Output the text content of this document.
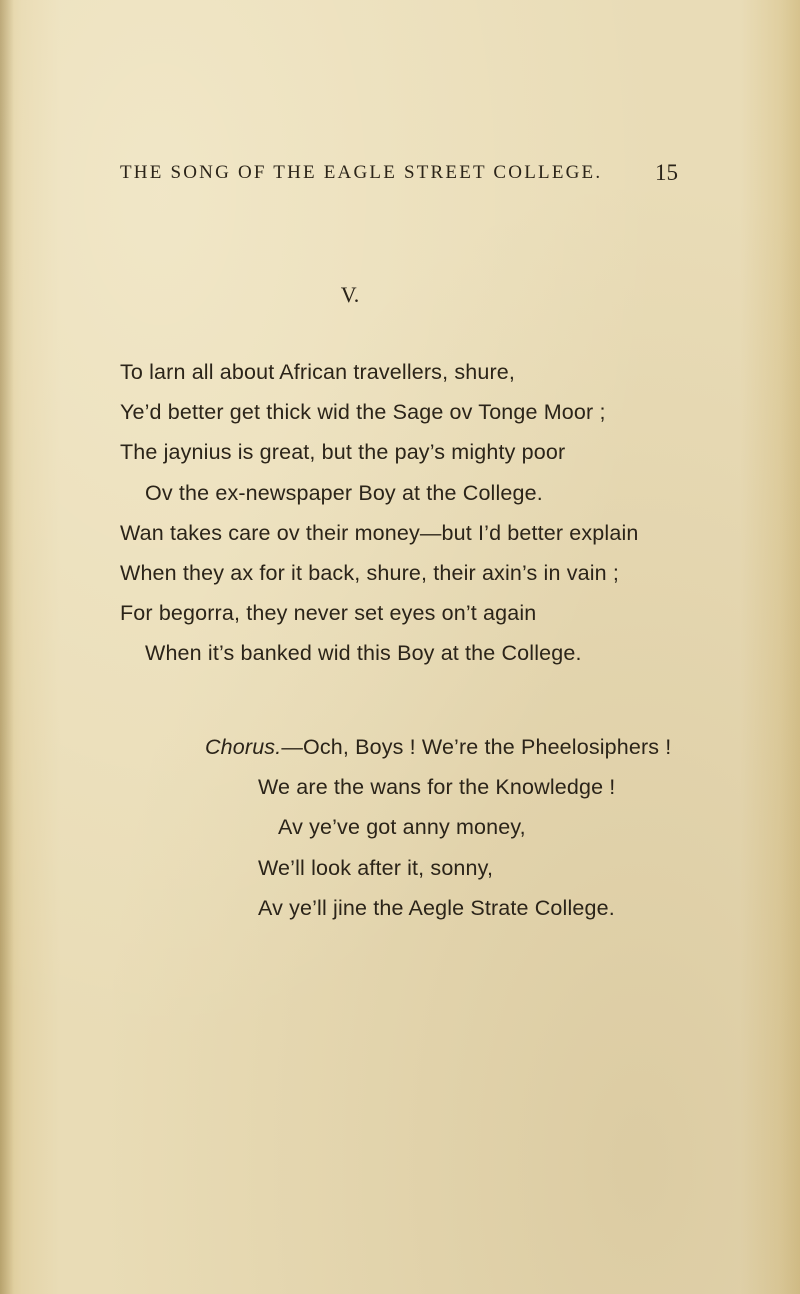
THE SONG OF THE EAGLE STREET COLLEGE. 15
V.
To larn all about African travellers, shure,
Ye’d better get thick wid the Sage ov Tonge Moor ;
The jaynius is great, but the pay’s mighty poor
Ov the ex-newspaper Boy at the College.
Wan takes care ov their money—but I’d better explain
When they ax for it back, shure, their axin’s in vain ;
For begorra, they never set eyes on’t again
When it’s banked wid this Boy at the College.
Chorus.—Och, Boys ! We’re the Pheelosiphers !
We are the wans for the Knowledge !
Av ye’ve got anny money,
We’ll look after it, sonny,
Av ye’ll jine the Aegle Strate College.
